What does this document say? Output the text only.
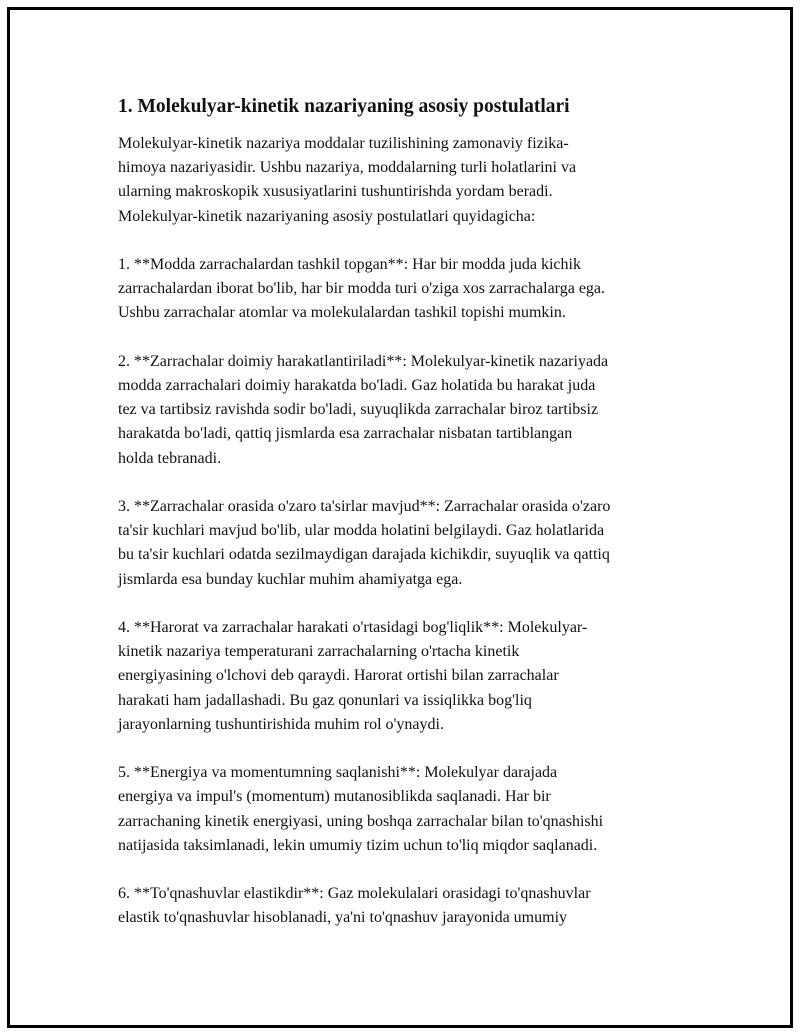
1. Molekulyar-kinetik nazariyaning asosiy postulatlari

Molekulyar-kinetik nazariya moddalar tuzilishining zamonaviy fizika-
himoya nazariyasidir. Ushbu nazariya, moddalarning turli holatlarini va
ularning makroskopik xususiyatlarini tushuntirishda yordam beradi.
Molekulyar-kinetik nazariyaning asosiy postulatlari quyidagicha:

1. **Modda zarrachalardan tashkil topgan**: Har bir modda juda kichik
zarrachalardan iborat bo'lib, har bir modda turi o'ziga xos zarrachalarga ega.
Ushbu zarrachalar atomlar va molekulalardan tashkil topishi mumkin.

2. **Zarrachalar doimiy harakatlantiriladi**: Molekulyar-kinetik nazariyada
modda zarrachalari doimiy harakatda bo'ladi. Gaz holatida bu harakat juda
tez va tartibsiz ravishda sodir bo'ladi, suyuqlikda zarrachalar biroz tartibsiz
harakatda bo'ladi, qattiq jismlarda esa zarrachalar nisbatan tartiblangan
holda tebranadi.

3. **Zarrachalar orasida o'zaro ta'sirlar mavjud**: Zarrachalar orasida o'zaro
ta'sir kuchlari mavjud bo'lib, ular modda holatini belgilaydi. Gaz holatlarida
bu ta'sir kuchlari odatda sezilmaydigan darajada kichikdir, suyuqlik va qattiq
jismlarda esa bunday kuchlar muhim ahamiyatga ega.

4. **Harorat va zarrachalar harakati o'rtasidagi bog'liqlik**: Molekulyar-
kinetik nazariya temperaturani zarrachalarning o'rtacha kinetik
energiyasining o'lchovi deb qaraydi. Harorat ortishi bilan zarrachalar
harakati ham jadallashadi. Bu gaz qonunlari va issiqlikka bog'liq
jarayonlarning tushuntirishida muhim rol o'ynaydi.

5. **Energiya va momentumning saqlanishi**: Molekulyar darajada
energiya va impul's (momentum) mutanosiblikda saqlanadi. Har bir
zarrachaning kinetik energiyasi, uning boshqa zarrachalar bilan to'qnashishi
natijasida taksimlanadi, lekin umumiy tizim uchun to'liq miqdor saqlanadi.

6. **To'qnashuvlar elastikdir**: Gaz molekulalari orasidagi to'qnashuvlar
elastik to'qnashuvlar hisoblanadi, ya'ni to'qnashuv jarayonida umumiy
